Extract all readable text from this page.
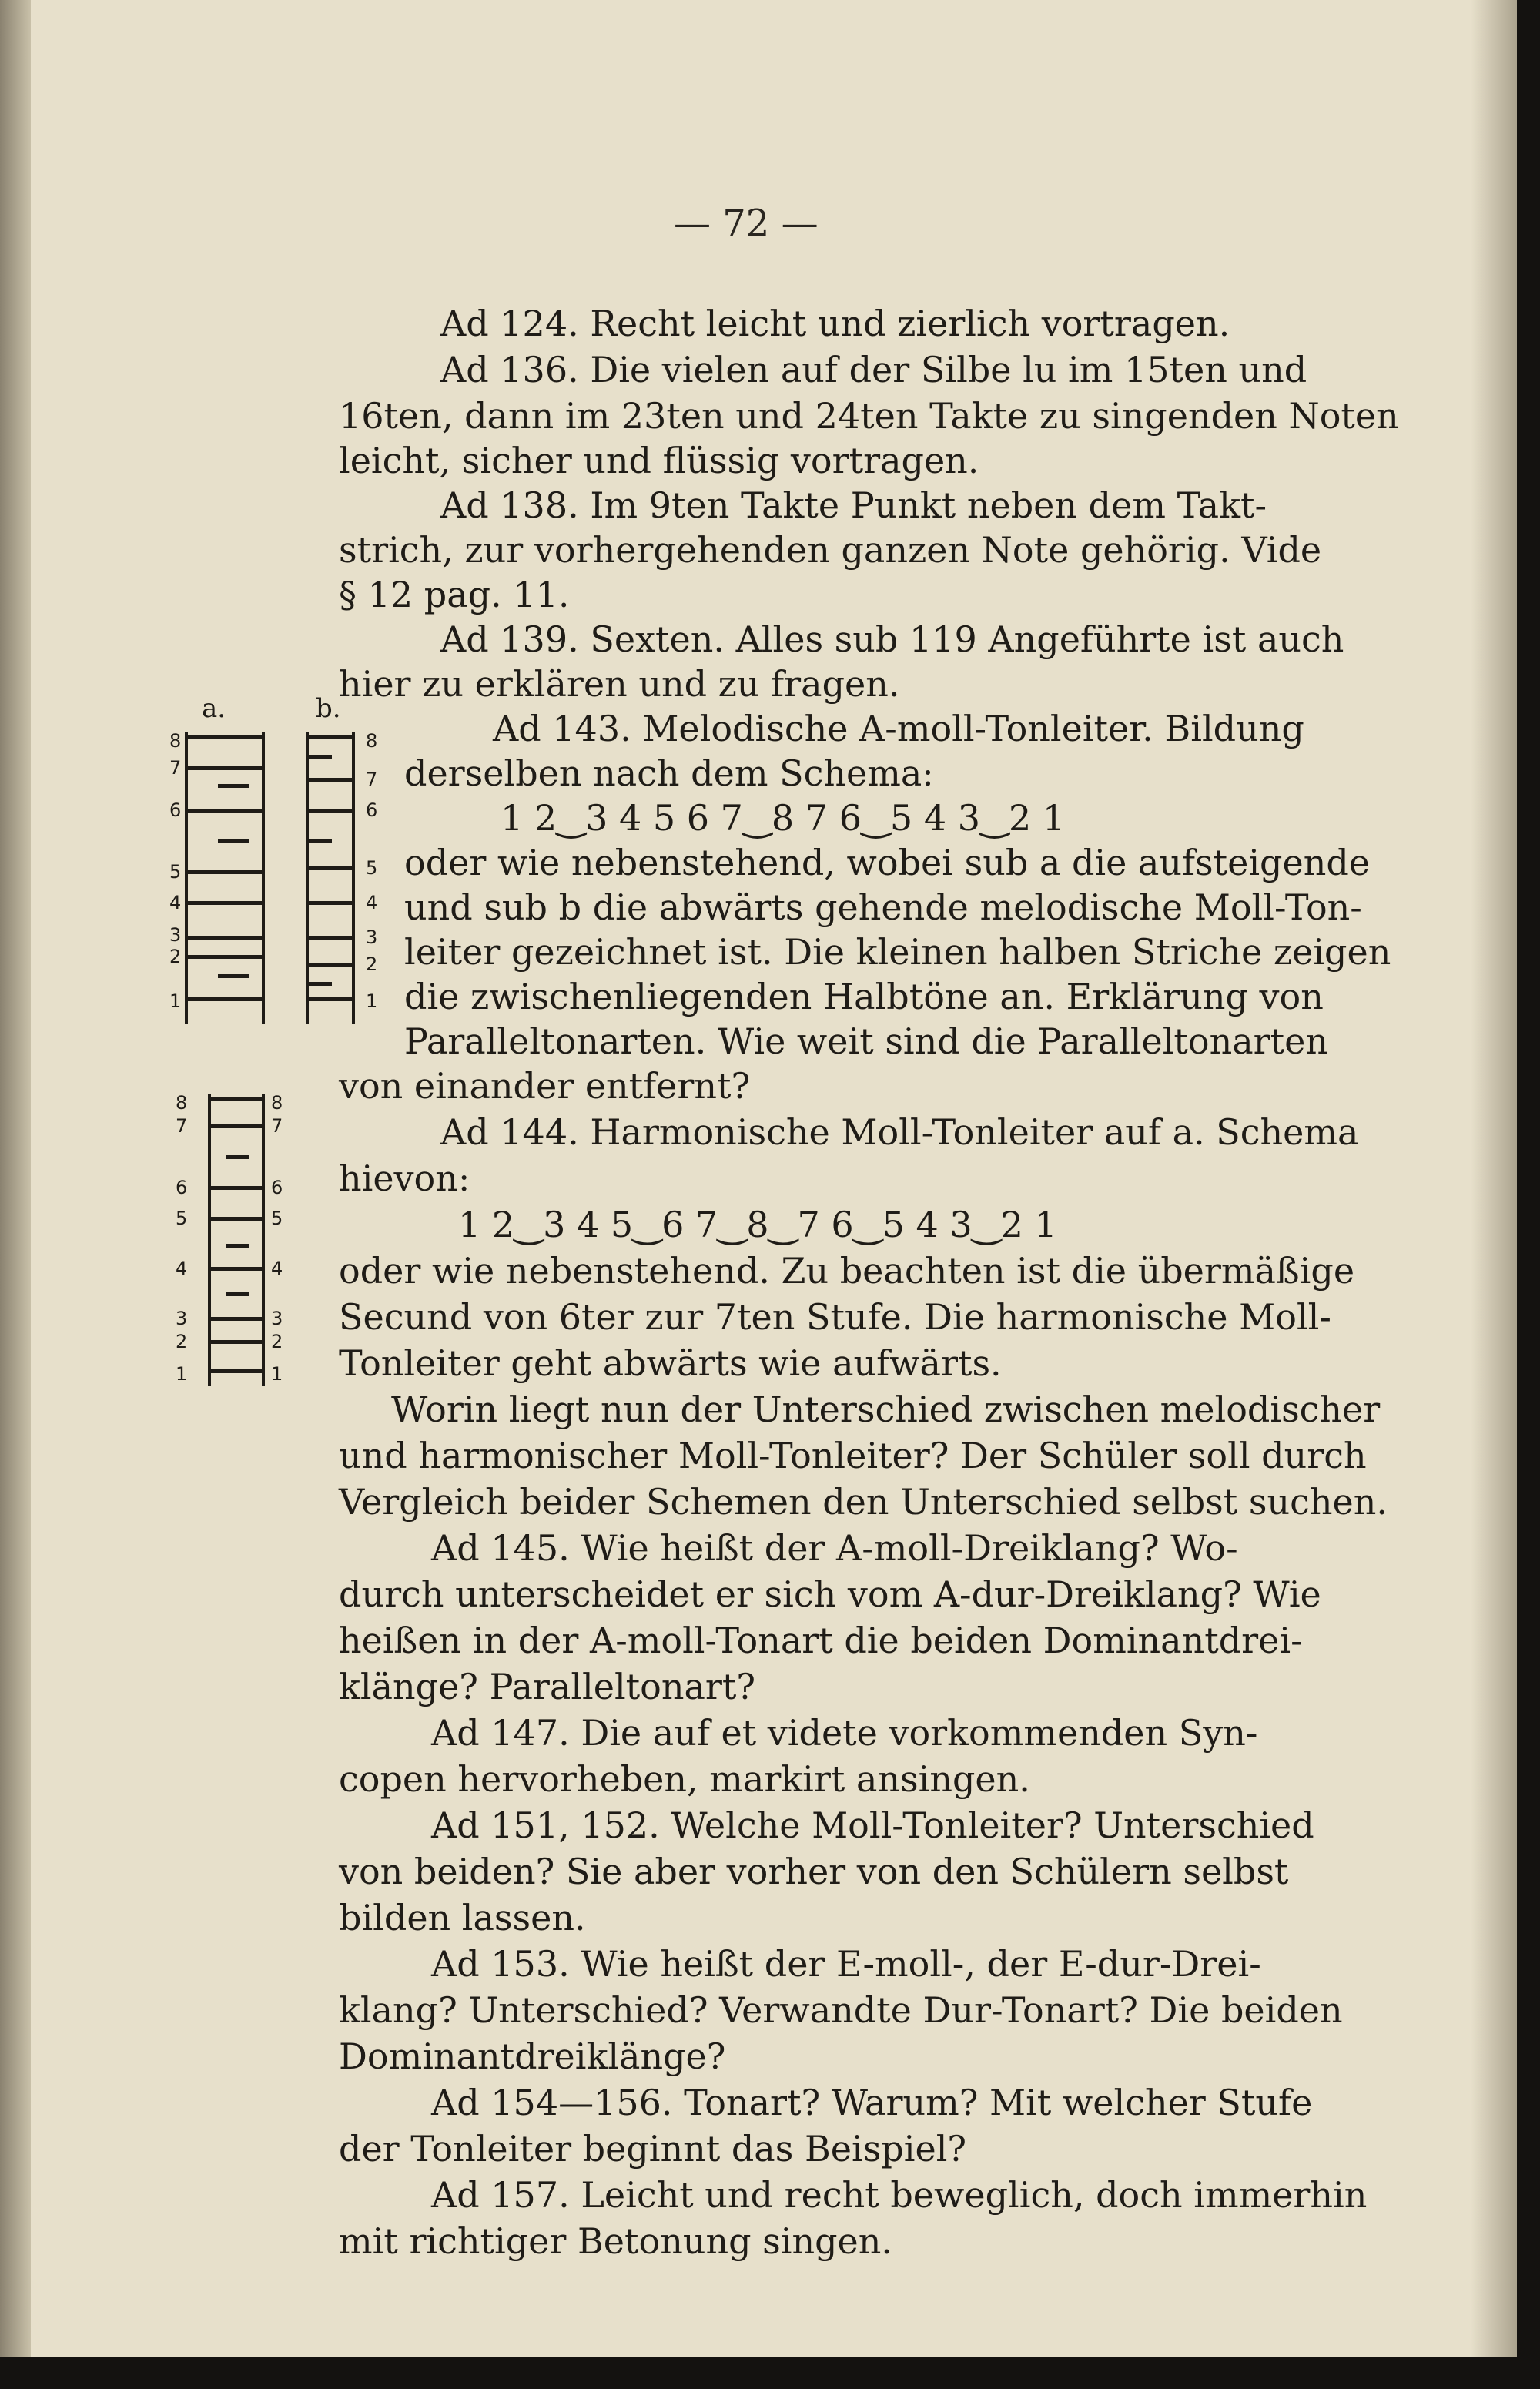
— 72 —
Ad 124. Recht leicht und zierlich vortragen.
Ad 136. Die vielen auf der Silbe lu im 15ten und
16ten, dann im 23ten und 24ten Takte zu singenden Noten
leicht, sicher und flüssig vortragen.
Ad 138. Im 9ten Takte Punkt neben dem Takt-
strich, zur vorhergehenden ganzen Note gehörig. Vide
§ 12 pag. 11.
Ad 139. Sexten. Alles sub 119 Angeführte ist auch
hier zu erklären und zu fragen.
Ad 143. Melodische A-moll-Tonleiter. Bildung
derselben nach dem Schema:
1 2‿3 4 5 6 7‿8 7 6‿5 4 3‿2 1
oder wie nebenstehend, wobei sub a die aufsteigende
und sub b die abwärts gehende melodische Moll-Ton-
leiter gezeichnet ist. Die kleinen halben Striche zeigen
die zwischenliegenden Halbtöne an. Erklärung von
Paralleltonarten. Wie weit sind die Paralleltonarten
von einander entfernt?
Ad 144. Harmonische Moll-Tonleiter auf a. Schema
hievon:
1 2‿3 4 5‿6 7‿8‿7 6‿5 4 3‿2 1
oder wie nebenstehend. Zu beachten ist die übermäßige
Secund von 6ter zur 7ten Stufe. Die harmonische Moll-
Tonleiter geht abwärts wie aufwärts.
Worin liegt nun der Unterschied zwischen melodischer
und harmonischer Moll-Tonleiter? Der Schüler soll durch
Vergleich beider Schemen den Unterschied selbst suchen.
Ad 145. Wie heißt der A-moll-Dreiklang? Wo-
durch unterscheidet er sich vom A-dur-Dreiklang? Wie
heißen in der A-moll-Tonart die beiden Dominantdrei-
klänge? Paralleltonart?
Ad 147. Die auf et videte vorkommenden Syn-
copen hervorheben, markirt ansingen.
Ad 151, 152. Welche Moll-Tonleiter? Unterschied
von beiden? Sie aber vorher von den Schülern selbst
bilden lassen.
Ad 153. Wie heißt der E-moll-, der E-dur-Drei-
klang? Unterschied? Verwandte Dur-Tonart? Die beiden
Dominantdreiklänge?
Ad 154—156. Tonart? Warum? Mit welcher Stufe
der Tonleiter beginnt das Beispiel?
Ad 157. Leicht und recht beweglich, doch immerhin
mit richtiger Betonung singen.
a.	b.
8
7
6
5
4
3
2
1
8
7
6
5
4
3
2
1
8
7
6
5
4
3
2
1
8
7
6
5
4
3
2
1
